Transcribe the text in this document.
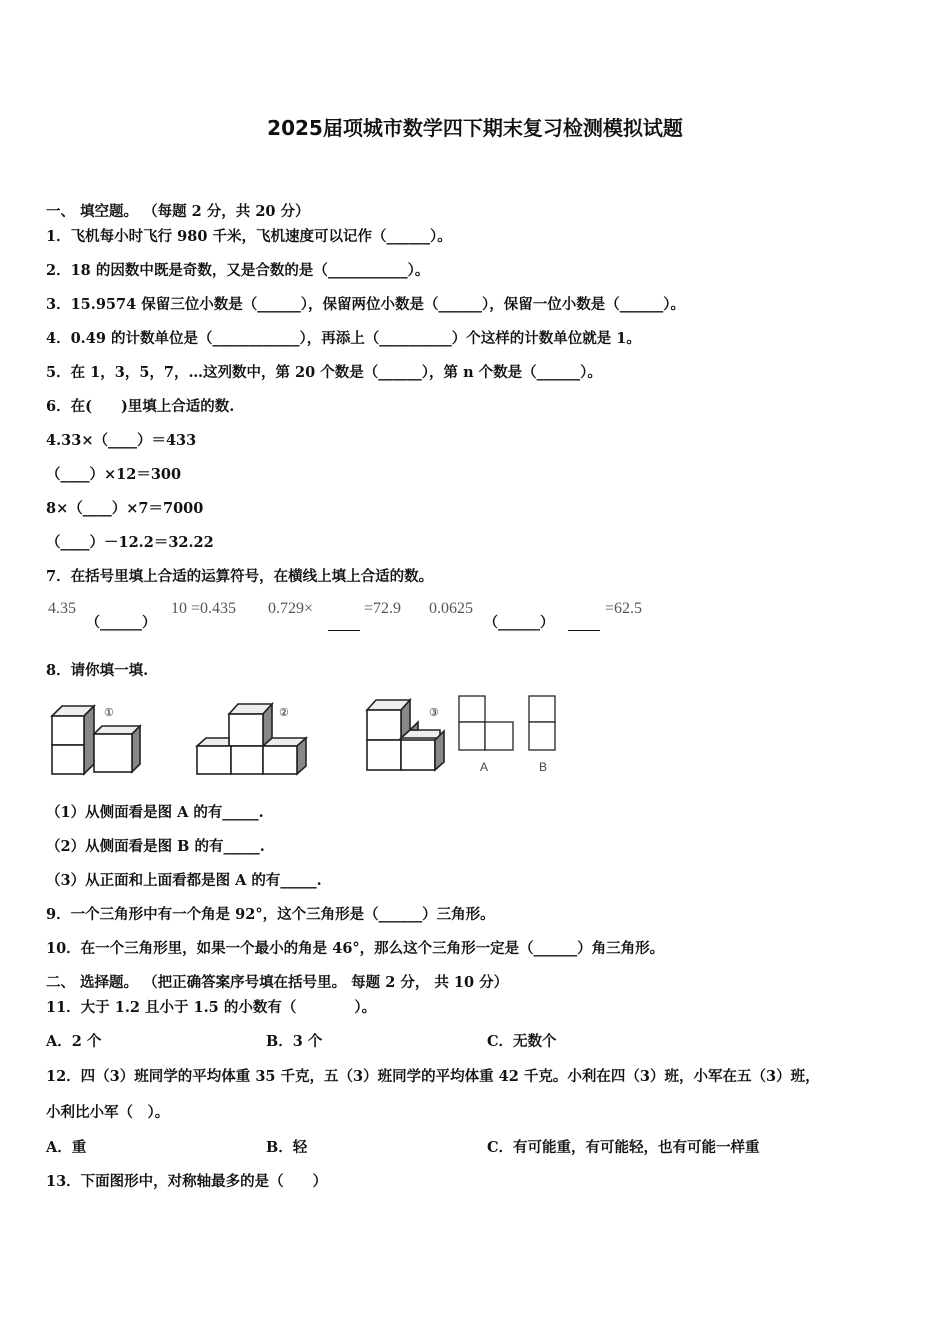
2025届项城市数学四下期末复习检测模拟试题
一、 填空题。 （每题 2 分，共 20 分）
1．飞机每小时飞行 980 千米，飞机速度可以记作（______）。
2．18 的因数中既是奇数，又是合数的是（___________）。
3．15.9574 保留三位小数是（______），保留两位小数是（______），保留一位小数是（______）。
4．0.49 的计数单位是（____________），再添上（__________）个这样的计数单位就是 1。
5．在 1，3，5，7，…这列数中，第 20 个数是（______），第 n 个数是（______）。
6．在(　　)里填上合适的数.
4.33×（____）＝433
（____）×12＝300
8×（____）×7＝7000
（____）－12.2＝32.22
7．在括号里填上合适的运算符号，在横线上填上合适的数。
4.35
（______）
10 =0.435 0.729×	=72.9 0.0625
（______）
=62.5
8．请你填一填.
①	②	③
A	B
（1）从侧面看是图 A 的有_____.
（2）从侧面看是图 B 的有_____.
（3）从正面和上面看都是图 A 的有_____.
9．一个三角形中有一个角是 92°，这个三角形是（______）三角形。
10．在一个三角形里，如果一个最小的角是 46°，那么这个三角形一定是（______）角三角形。
二、 选择题。 （把正确答案序号填在括号里。 每题 2 分， 共 10 分）
11．大于 1.2 且小于 1.5 的小数有（　　　　）。
A．2 个	B．3 个	C．无数个
12．四（3）班同学的平均体重 35 千克，五（3）班同学的平均体重 42 千克。小利在四（3）班，小军在五（3）班，
小利比小军（　）。
A．重	B．轻	C．有可能重，有可能轻，也有可能一样重
13．下面图形中，对称轴最多的是（　　）
